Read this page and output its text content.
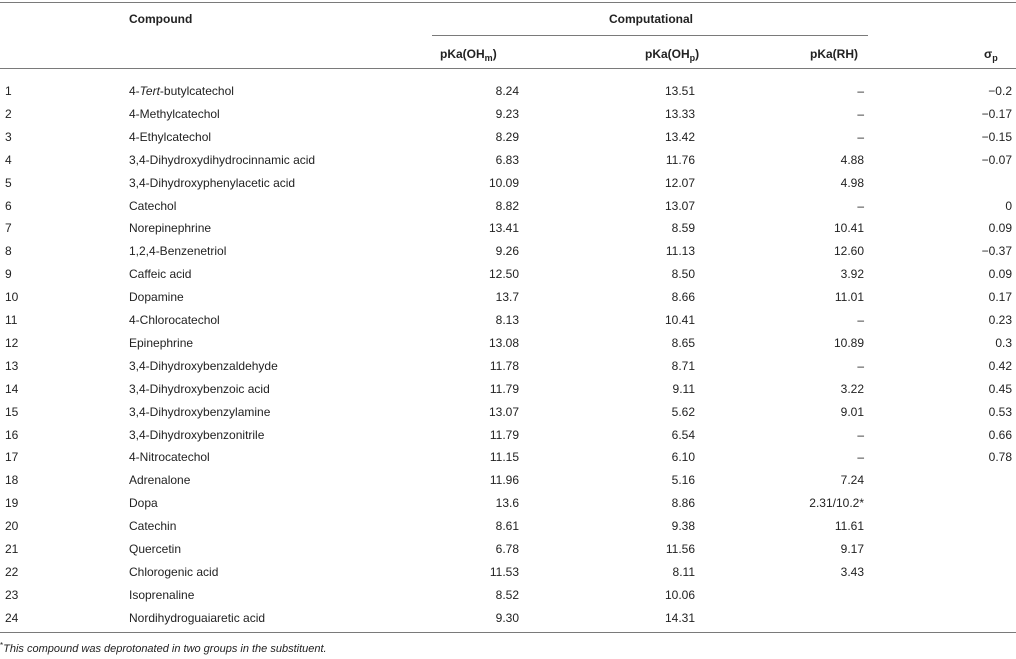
Compound	Computational
$pKa(OH_m)$	$pKa(OH_p)$	pKa(RH)	$\sigma_p$
1	4-Tert-butylcatechol	8.24	13.51	–	−0.2
2	4-Methylcatechol	9.23	13.33	–	−0.17
3	4-Ethylcatechol	8.29	13.42	–	−0.15
4	3,4-Dihydroxydihydrocinnamic acid	6.83	11.76	4.88	−0.07
5	3,4-Dihydroxyphenylacetic acid	10.09	12.07	4.98
6	Catechol	8.82	13.07	–	0
7	Norepinephrine	13.41	8.59	10.41	0.09
8	1,2,4-Benzenetriol	9.26	11.13	12.60	−0.37
9	Caffeic acid	12.50	8.50	3.92	0.09
10	Dopamine	13.7	8.66	11.01	0.17
11	4-Chlorocatechol	8.13	10.41	–	0.23
12	Epinephrine	13.08	8.65	10.89	0.3
13	3,4-Dihydroxybenzaldehyde	11.78	8.71	–	0.42
14	3,4-Dihydroxybenzoic acid	11.79	9.11	3.22	0.45
15	3,4-Dihydroxybenzylamine	13.07	5.62	9.01	0.53
16	3,4-Dihydroxybenzonitrile	11.79	6.54	–	0.66
17	4-Nitrocatechol	11.15	6.10	–	0.78
18	Adrenalone	11.96	5.16	7.24
19	Dopa	13.6	8.86	2.31/10.2*
20	Catechin	8.61	9.38	11.61
21	Quercetin	6.78	11.56	9.17
22	Chlorogenic acid	11.53	8.11	3.43
23	Isoprenaline	8.52	10.06
24	Nordihydroguaiaretic acid	9.30	14.31
*This compound was deprotonated in two groups in the substituent.
